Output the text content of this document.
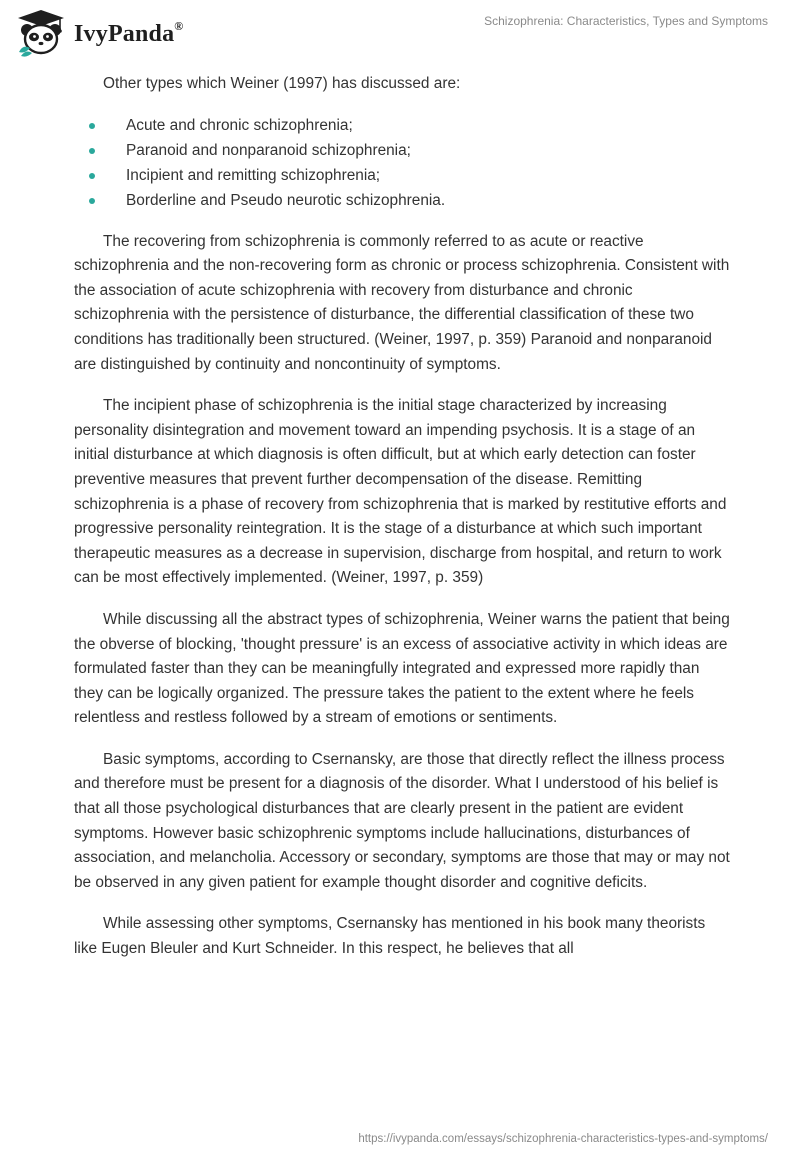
IvyPanda®	Schizophrenia: Characteristics, Types and Symptoms

Other types which Weiner (1997) has discussed are:

Acute and chronic schizophrenia;
Paranoid and nonparanoid schizophrenia;
Incipient and remitting schizophrenia;
Borderline and Pseudo neurotic schizophrenia.

The recovering from schizophrenia is commonly referred to as acute or reactive schizophrenia and the non-recovering form as chronic or process schizophrenia. Consistent with the association of acute schizophrenia with recovery from disturbance and chronic schizophrenia with the persistence of disturbance, the differential classification of these two conditions has traditionally been structured. (Weiner, 1997, p. 359) Paranoid and nonparanoid are distinguished by continuity and noncontinuity of symptoms.

The incipient phase of schizophrenia is the initial stage characterized by increasing personality disintegration and movement toward an impending psychosis. It is a stage of an initial disturbance at which diagnosis is often difficult, but at which early detection can foster preventive measures that prevent further decompensation of the disease. Remitting schizophrenia is a phase of recovery from schizophrenia that is marked by restitutive efforts and progressive personality reintegration. It is the stage of a disturbance at which such important therapeutic measures as a decrease in supervision, discharge from hospital, and return to work can be most effectively implemented. (Weiner, 1997, p. 359)

While discussing all the abstract types of schizophrenia, Weiner warns the patient that being the obverse of blocking, 'thought pressure' is an excess of associative activity in which ideas are formulated faster than they can be meaningfully integrated and expressed more rapidly than they can be logically organized. The pressure takes the patient to the extent where he feels relentless and restless followed by a stream of emotions or sentiments.

Basic symptoms, according to Csernansky, are those that directly reflect the illness process and therefore must be present for a diagnosis of the disorder. What I understood of his belief is that all those psychological disturbances that are clearly present in the patient are evident symptoms. However basic schizophrenic symptoms include hallucinations, disturbances of association, and melancholia. Accessory or secondary, symptoms are those that may or may not be observed in any given patient for example thought disorder and cognitive deficits.

While assessing other symptoms, Csernansky has mentioned in his book many theorists like Eugen Bleuler and Kurt Schneider. In this respect, he believes that all

https://ivypanda.com/essays/schizophrenia-characteristics-types-and-symptoms/
